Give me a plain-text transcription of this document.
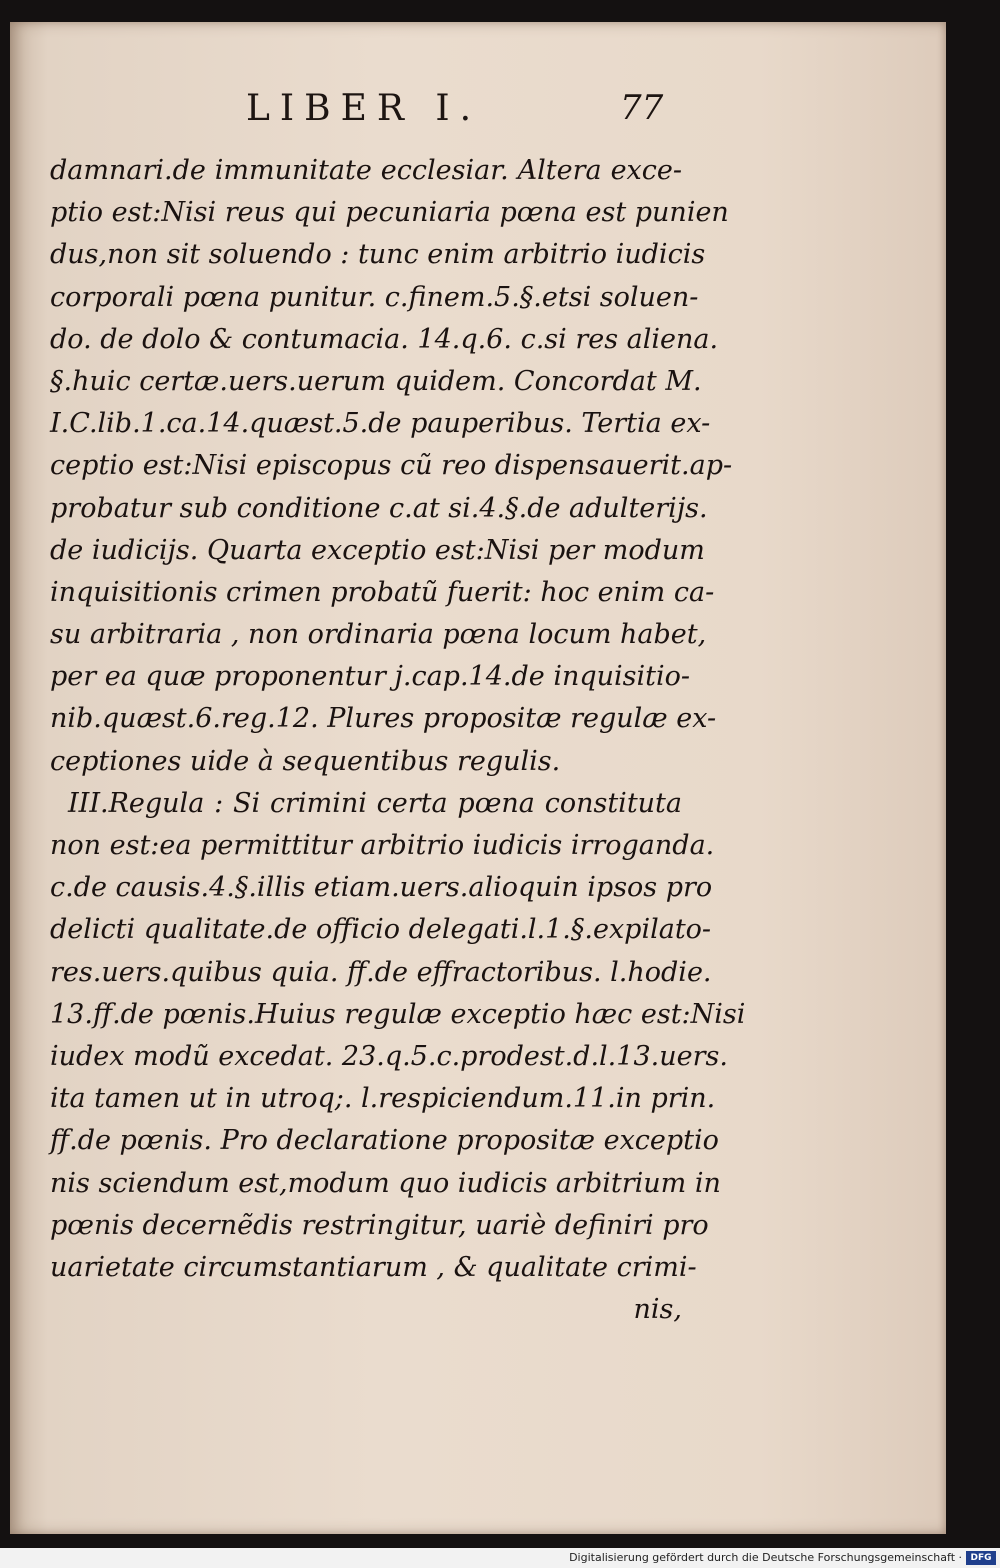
LIBER I.	77
damnari.de immunitate ecclesiar. Altera exce-
ptio est:Nisi reus qui pecuniaria pœna est punien
dus,non sit soluendo : tunc enim arbitrio iudicis
corporali pœna punitur. c.finem.5.§.etsi soluen-
do. de dolo & contumacia. 14.q.6. c.si res aliena.
§.huic certæ.uers.uerum quidem. Concordat M.
I.C.lib.1.ca.14.quæst.5.de pauperibus. Tertia ex-
ceptio est:Nisi episcopus cũ reo dispensauerit.ap-
probatur sub conditione c.at si.4.§.de adulterijs.
de iudicijs. Quarta exceptio est:Nisi per modum
inquisitionis crimen probatũ fuerit: hoc enim ca-
su arbitraria , non ordinaria pœna locum habet,
per ea quæ proponentur j.cap.14.de inquisitio-
nib.quæst.6.reg.12. Plures propositæ regulæ ex-
ceptiones uide à sequentibus regulis.
III.Regula : Si crimini certa pœna constituta
non est:ea permittitur arbitrio iudicis irroganda.
c.de causis.4.§.illis etiam.uers.alioquin ipsos pro
delicti qualitate.de officio delegati.l.1.§.expilato-
res.uers.quibus quia. ff.de effractoribus. l.hodie.
13.ff.de pœnis.Huius regulæ exceptio hæc est:Nisi
iudex modũ excedat. 23.q.5.c.prodest.d.l.13.uers.
ita tamen ut in utroq;. l.respiciendum.11.in prin.
ff.de pœnis. Pro declaratione propositæ exceptio
nis sciendum est,modum quo iudicis arbitrium in
pœnis decernẽdis restringitur, uariè definiri pro
uarietate circumstantiarum , & qualitate crimi-
nis,
Digitalisierung gefördert durch die Deutsche Forschungsgemeinschaft · DFG
